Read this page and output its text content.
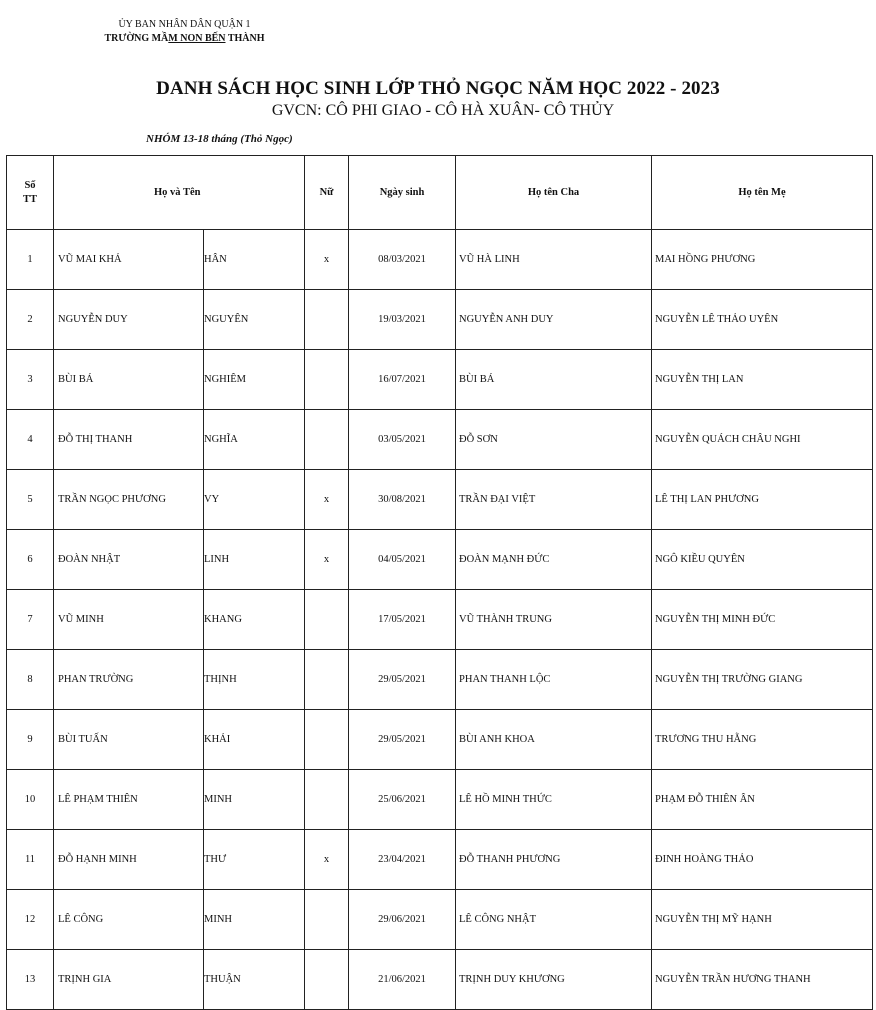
ỦY BAN NHÂN DÂN QUẬN 1
TRƯỜNG MẦM NON BẾN THÀNH
DANH SÁCH HỌC SINH LỚP THỎ NGỌC NĂM HỌC 2022 - 2023
GVCN: CÔ PHI GIAO - CÔ HÀ XUÂN- CÔ THỦY
NHÓM 13-18 tháng (Thỏ Ngọc)
Số
TT	Họ và Tên		Nữ	Ngày sinh	Họ tên Cha	Họ tên Mẹ
1	VŨ MAI KHẢ	HÂN	x	08/03/2021	VŨ HÀ LINH	MAI HỒNG PHƯƠNG
2	NGUYỄN DUY	NGUYÊN		19/03/2021	NGUYỄN ANH DUY	NGUYỄN LÊ THẢO UYÊN
3	BÙI BÁ	NGHIÊM		16/07/2021	BÙI BÁ	NGUYỄN THỊ LAN
4	ĐỖ THỊ THANH	NGHĨA		03/05/2021	ĐỖ SƠN	NGUYỄN QUÁCH CHÂU NGHI
5	TRẦN NGỌC PHƯƠNG	VY	x	30/08/2021	TRẦN ĐẠI VIỆT	LÊ THỊ LAN PHƯƠNG
6	ĐOÀN NHẬT	LINH	x	04/05/2021	ĐOÀN MẠNH ĐỨC	NGÔ KIỀU QUYÊN
7	VŨ MINH	KHANG		17/05/2021	VŨ THÀNH TRUNG	NGUYỄN THỊ MINH ĐỨC
8	PHAN TRƯỜNG	THỊNH		29/05/2021	PHAN THANH LỘC	NGUYỄN THỊ TRƯỜNG GIANG
9	BÙI TUẤN	KHẢI		29/05/2021	BÙI ANH KHOA	TRƯƠNG THU HẰNG
10	LÊ PHẠM THIÊN	MINH		25/06/2021	LÊ HỒ MINH THỨC	PHẠM ĐỖ THIÊN ÂN
11	ĐỖ HẠNH MINH	THƯ	x	23/04/2021	ĐỖ THANH PHƯƠNG	ĐINH HOÀNG THẢO
12	LÊ CÔNG	MINH		29/06/2021	LÊ CÔNG NHẬT	NGUYỄN THỊ MỸ HẠNH
13	TRỊNH GIA	THUẬN		21/06/2021	TRỊNH DUY KHƯƠNG	NGUYỄN TRẦN HƯƠNG THANH
